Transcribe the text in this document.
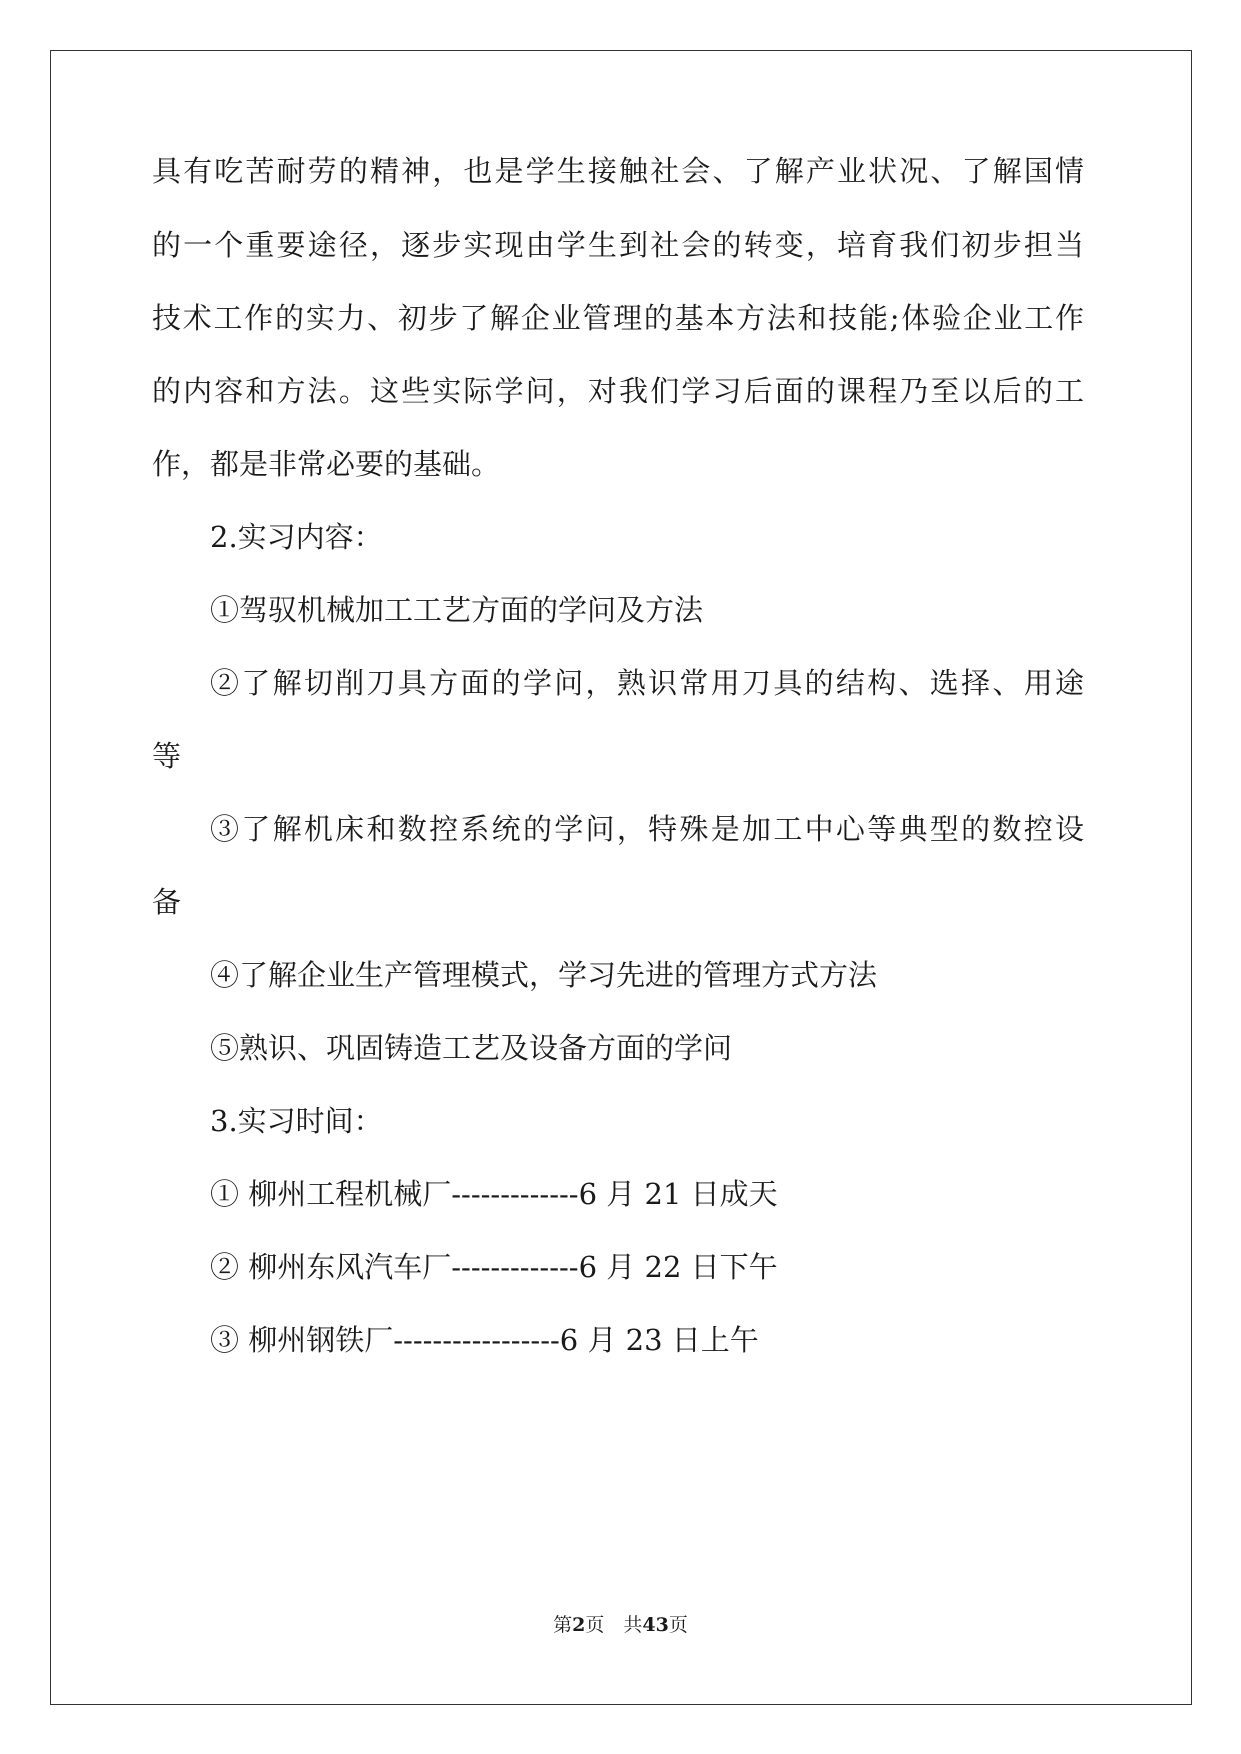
具有吃苦耐劳的精神，也是学生接触社会、了解产业状况、了解国情
的一个重要途径，逐步实现由学生到社会的转变，培育我们初步担当
技术工作的实力、初步了解企业管理的基本方法和技能;体验企业工作
的内容和方法。这些实际学问，对我们学习后面的课程乃至以后的工
作，都是非常必要的基础。
2.实习内容：
①驾驭机械加工工艺方面的学问及方法
②了解切削刀具方面的学问，熟识常用刀具的结构、选择、用途
等
③了解机床和数控系统的学问，特殊是加工中心等典型的数控设
备
④了解企业生产管理模式，学习先进的管理方式方法
⑤熟识、巩固铸造工艺及设备方面的学问
3.实习时间：
① 柳州工程机械厂-------------6 月 21 日成天
② 柳州东风汽车厂-------------6 月 22 日下午
③ 柳州钢铁厂-----------------6 月 23 日上午
第2页　共43页
